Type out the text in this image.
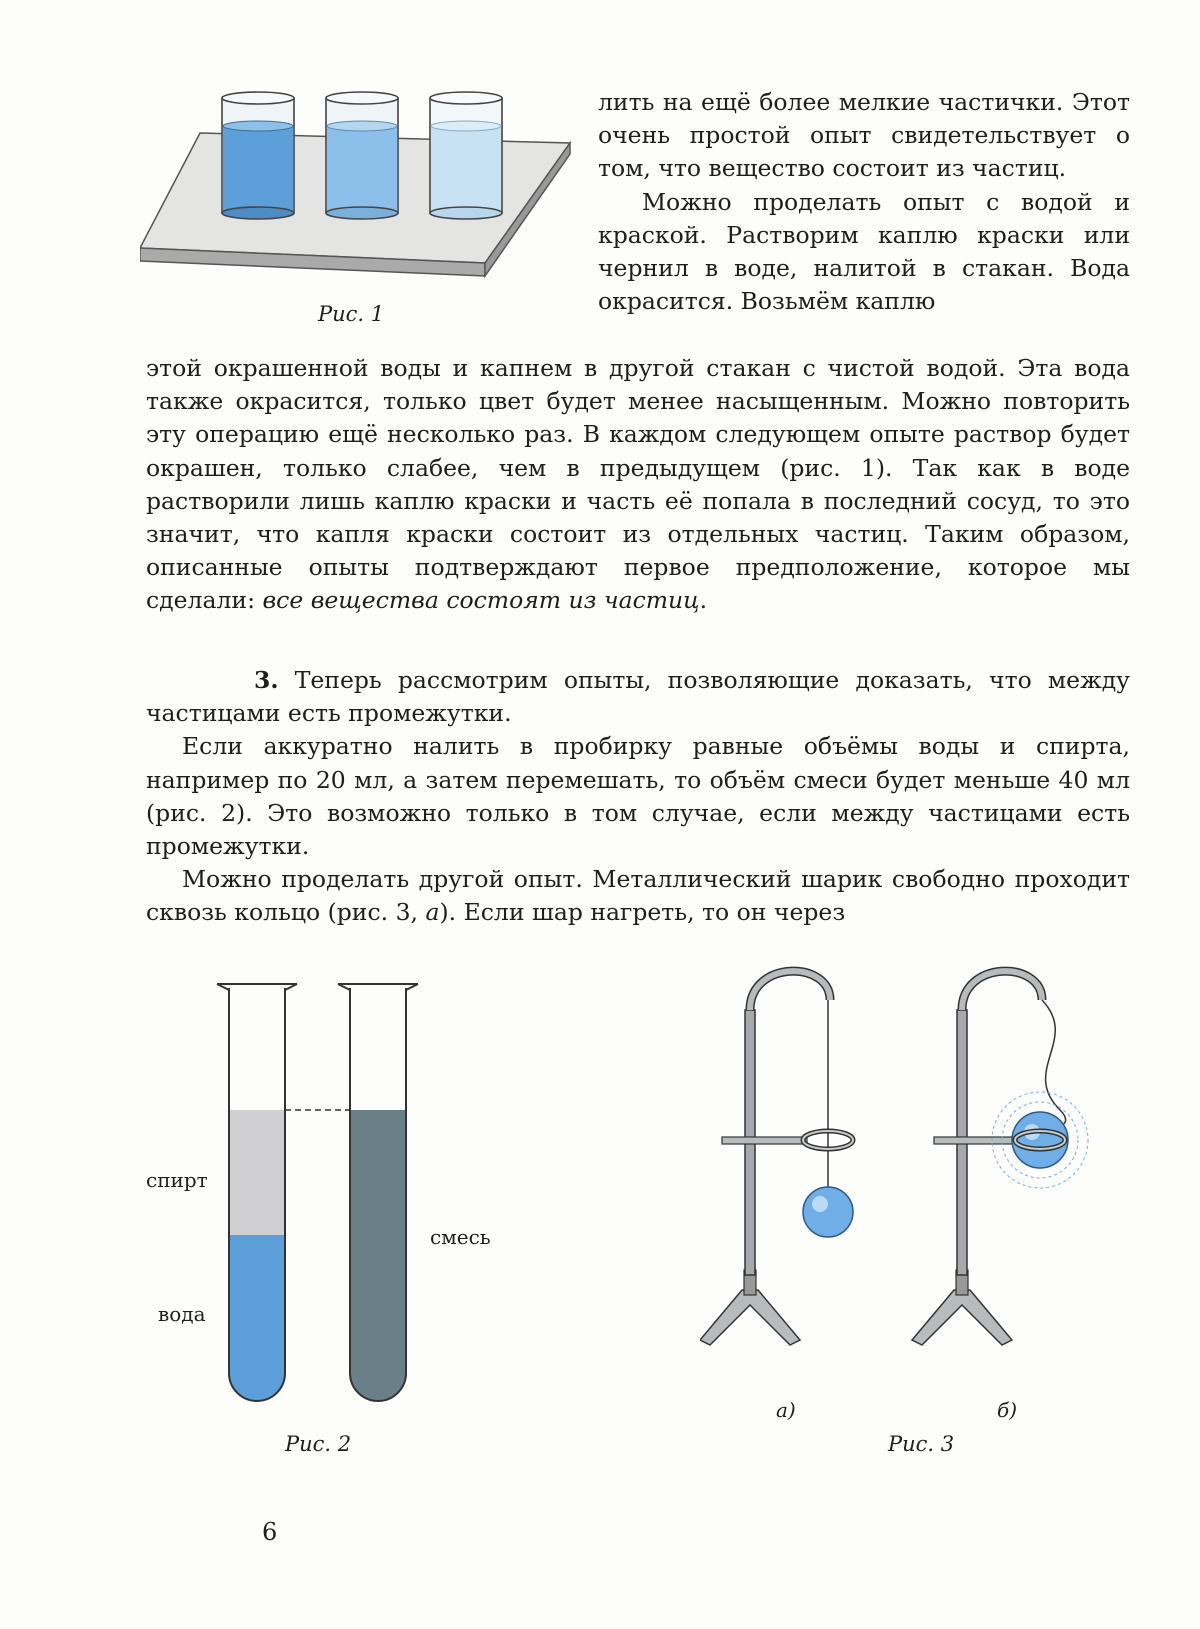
Рис. 1

лить на ещё более мелкие частички. Этот очень простой опыт свидетельствует о том, что вещество состоит из частиц.

Можно проделать опыт с водой и краской. Растворим каплю краски или чернил в воде, налитой в стакан. Вода окрасится. Возьмём каплю

этой окрашенной воды и капнем в другой стакан с чистой водой. Эта вода также окрасится, только цвет будет менее насыщенным. Можно повторить эту операцию ещё несколько раз. В каждом следующем опыте раствор будет окрашен, только слабее, чем в предыдущем (рис. 1). Так как в воде растворили лишь каплю краски и часть её попала в последний сосуд, то это значит, что капля краски состоит из отдельных частиц. Таким образом, описанные опыты подтверждают первое предположение, которое мы сделали: все вещества состоят из частиц.

3. Теперь рассмотрим опыты, позволяющие доказать, что между частицами есть промежутки.

Если аккуратно налить в пробирку равные объёмы воды и спирта, например по 20 мл, а затем перемешать, то объём смеси будет меньше 40 мл (рис. 2). Это возможно только в том случае, если между частицами есть промежутки.

Можно проделать другой опыт. Металлический шарик свободно проходит сквозь кольцо (рис. 3, а). Если шар нагреть, то он через

спирт
вода
смесь
Рис. 2
а)	б)
Рис. 3
6
